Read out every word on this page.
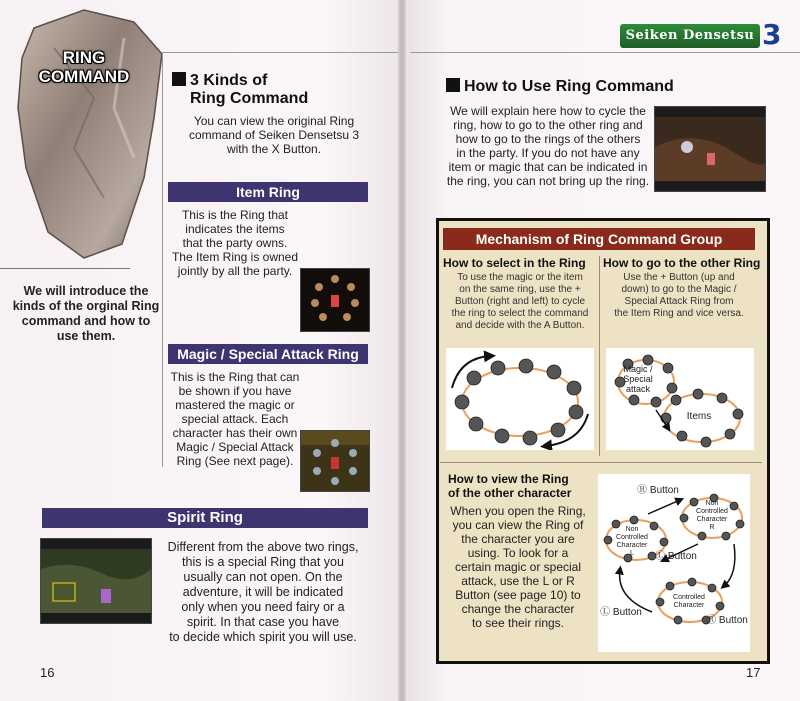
RING
COMMAND
We will introduce the kinds of the orginal Ring command and how to use them.
3 Kinds of
Ring Command
You can view the original Ring command of Seiken Densetsu 3 with the X Button.
Item Ring
This is the Ring that
indicates the items
that the party owns.
The Item Ring is owned
jointly by all the party.
Magic / Special Attack Ring
This is the Ring that can
be shown if you have
mastered the magic or
special attack. Each
character has their own
Magic / Special Attack
Ring (See next page).
Spirit Ring
Different from the above two rings,
this is a special Ring that you
usually can not open. On the
adventure, it will be indicated
only when you need fairy or a
spirit. In that case you have
to decide which spirit you will use.
16
Seiken Densetsu 3
How to Use Ring Command
We will explain here how to cycle the
ring, how to go to the other ring and
how to go to the rings of the others
in the party. If you do not have any
item or magic that can be indicated in
the ring, you can not bring up the ring.
Mechanism of Ring Command Group
How to select in the Ring
To use the magic or the item
on the same ring, use the +
Button (right and left) to cycle
the ring to select the command
and decide with the A Button.
How to go to the other Ring
Use the + Button (up and
down) to go to the Magic /
Special Attack Ring from
the Item Ring and vice versa.
Magic /
Special
attack
Items
How to view the Ring
of the other character
When you open the Ring,
you can view the Ring of
the character you are
using. To look for a
certain magic or special
attack, use the L or R
Button (see page 10) to
change the character
to see their rings.
Ⓡ Button
Ⓛ Button
Ⓛ Button
Ⓡ Button
Non
Controlled
Character
L
Non
Controlled
Character
R
Controlled
Character
17
